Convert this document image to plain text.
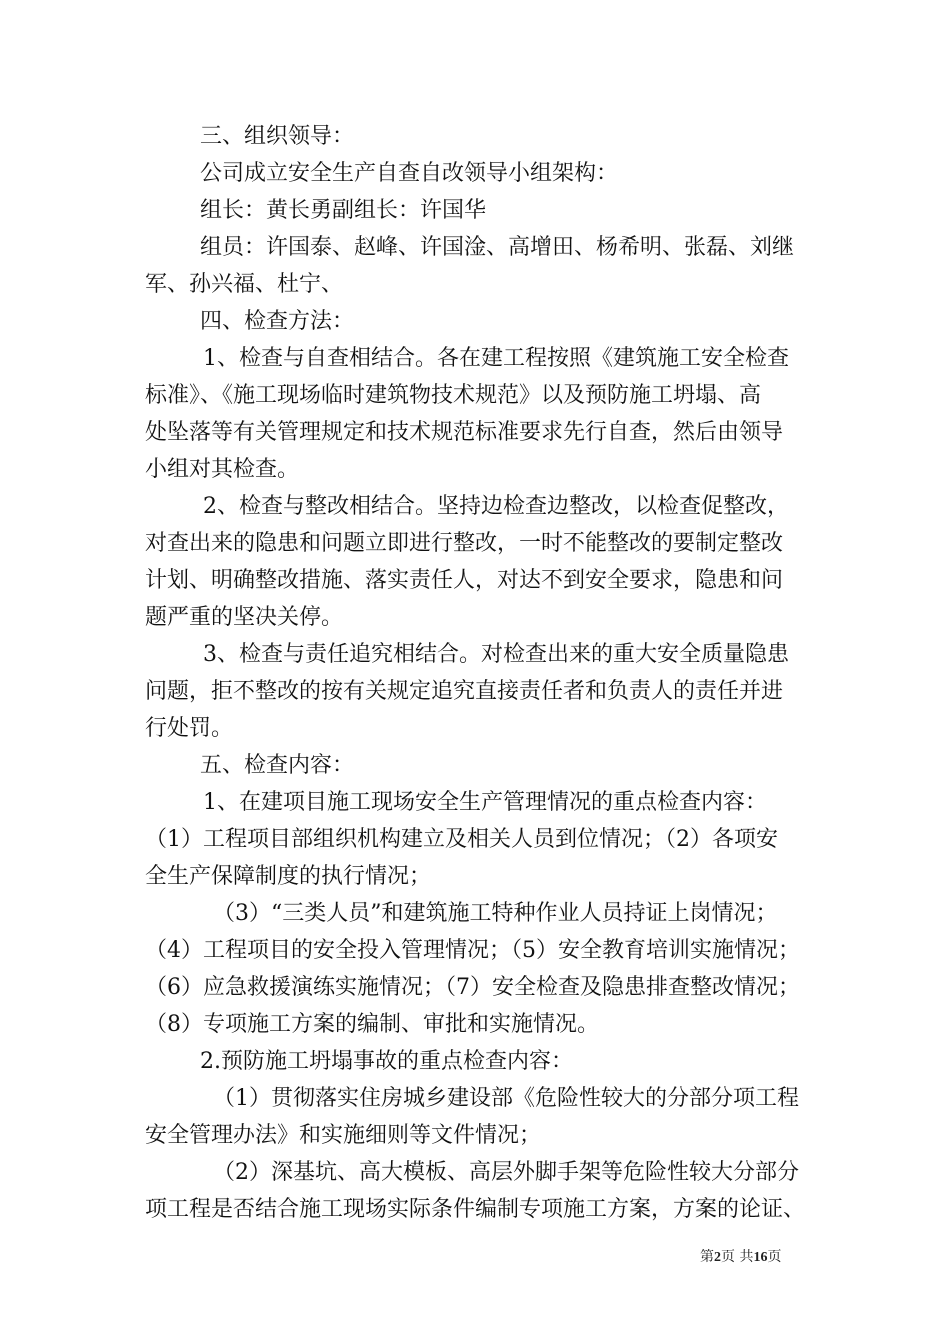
三、组织领导：
公司成立安全生产自查自改领导小组架构：
组长：黄长勇副组长：许国华
组员：许国泰、赵峰、许国淦、高增田、杨希明、张磊、刘继
军、孙兴福、杜宁、
四、检查方法：
1、检查与自查相结合。各在建工程按照《建筑施工安全检查
标准》、《施工现场临时建筑物技术规范》以及预防施工坍塌、高
处坠落等有关管理规定和技术规范标准要求先行自查，然后由领导
小组对其检查。
2、检查与整改相结合。坚持边检查边整改，以检查促整改，
对查出来的隐患和问题立即进行整改，一时不能整改的要制定整改
计划、明确整改措施、落实责任人，对达不到安全要求，隐患和问
题严重的坚决关停。
3、检查与责任追究相结合。对检查出来的重大安全质量隐患
问题，拒不整改的按有关规定追究直接责任者和负责人的责任并进
行处罚。
五、检查内容：
1、在建项目施工现场安全生产管理情况的重点检查内容：
（1）工程项目部组织机构建立及相关人员到位情况；（2）各项安
全生产保障制度的执行情况；
（3）“三类人员”和建筑施工特种作业人员持证上岗情况；
（4）工程项目的安全投入管理情况；（5）安全教育培训实施情况；
（6）应急救援演练实施情况；（7）安全检查及隐患排查整改情况；
（8）专项施工方案的编制、审批和实施情况。
2.预防施工坍塌事故的重点检查内容：
（1）贯彻落实住房城乡建设部《危险性较大的分部分项工程
安全管理办法》和实施细则等文件情况；
（2）深基坑、高大模板、高层外脚手架等危险性较大分部分
项工程是否结合施工现场实际条件编制专项施工方案，方案的论证、
第2页 共16页
